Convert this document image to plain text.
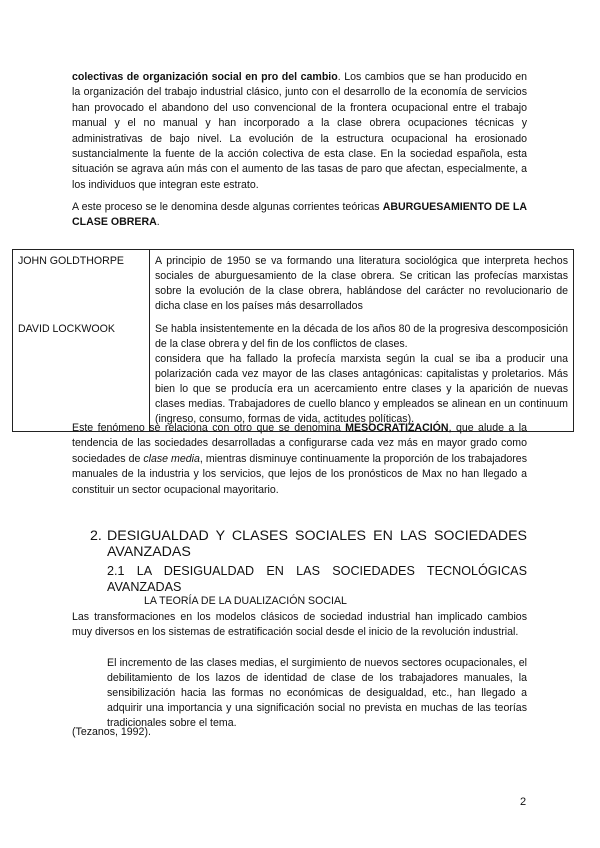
colectivas de organización social en pro del cambio. Los cambios que se han producido en la organización del trabajo industrial clásico, junto con el desarrollo de la economía de servicios han provocado el abandono del uso convencional de la frontera ocupacional entre el trabajo manual y el no manual y han incorporado a la clase obrera ocupaciones técnicas y administrativas de bajo nivel. La evolución de la estructura ocupacional ha erosionado sustancialmente la fuente de la acción colectiva de esta clase. En la sociedad española, esta situación se agrava aún más con el aumento de las tasas de paro que afectan, especialmente, a los individuos que integran este estrato.
A este proceso se le denomina desde algunas corrientes teóricas ABURGUESAMIENTO DE LA CLASE OBRERA.
JOHN GOLDTHORPE	A principio de 1950 se va formando una literatura sociológica que interpreta hechos sociales de aburguesamiento de la clase obrera. Se critican las profecías marxistas sobre la evolución de la clase obrera, hablándose del carácter no revolucionario de dicha clase en los países más desarrollados
DAVID LOCKWOOK	Se habla insistentemente en la década de los años 80 de la progresiva descomposición de la clase obrera y del fin de los conflictos de clases.
considera que ha fallado la profecía marxista según la cual se iba a producir una polarización cada vez mayor de las clases antagónicas: capitalistas y proletarios. Más bien lo que se producía era un acercamiento entre clases y la aparición de nuevas clases medias. Trabajadores de cuello blanco y empleados se alinean en un continuum (ingreso, consumo, formas de vida, actitudes políticas).
Este fenómeno se relaciona con otro que se denomina MESOCRATIZACIÓN, que alude a la tendencia de las sociedades desarrolladas a configurarse cada vez más en mayor grado como sociedades de clase media, mientras disminuye continuamente la proporción de los trabajadores manuales de la industria y los servicios, que lejos de los pronósticos de Max no han llegado a constituir un sector ocupacional mayoritario.
2. DESIGUALDAD Y CLASES SOCIALES EN LAS SOCIEDADES AVANZADAS
2.1 LA DESIGUALDAD EN LAS SOCIEDADES TECNOLÓGICAS AVANZADAS
LA TEORÍA DE LA DUALIZACIÓN SOCIAL
Las transformaciones en los modelos clásicos de sociedad industrial han implicado cambios muy diversos en los sistemas de estratificación social desde el inicio de la revolución industrial.
El incremento de las clases medias, el surgimiento de nuevos sectores ocupacionales, el debilitamiento de los lazos de identidad de clase de los trabajadores manuales, la sensibilización hacia las formas no económicas de desigualdad, etc., han llegado a adquirir una importancia y una significación social no prevista en muchas de las teorías tradicionales sobre el tema.
(Tezanos, 1992).
2
